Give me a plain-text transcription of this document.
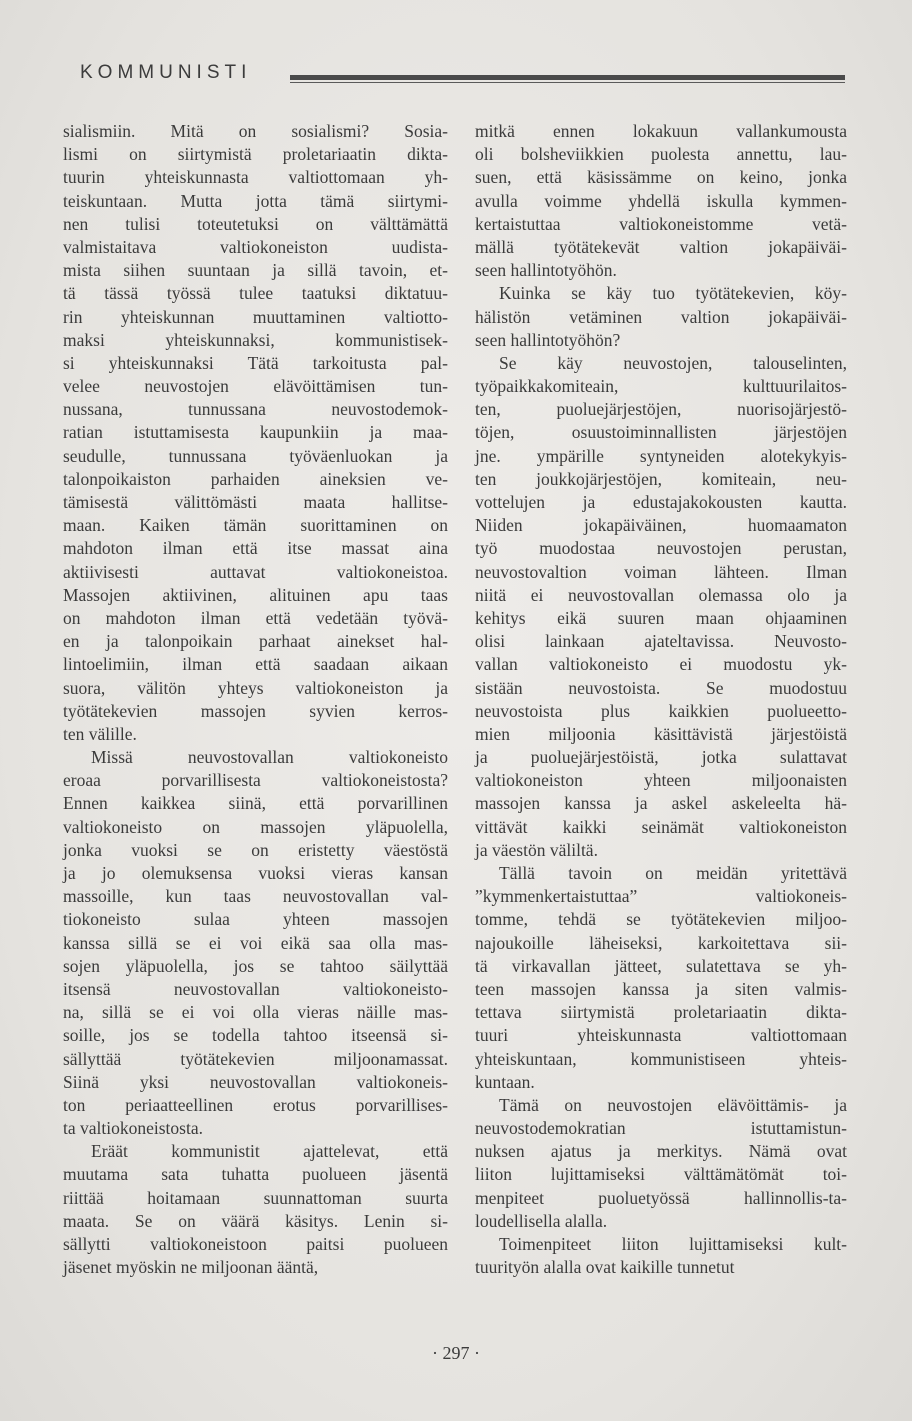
KOMMUNISTI
sialismiin. Mitä on sosialismi? Sosia-
lismi on siirtymistä proletariaatin dikta-
tuurin yhteiskunnasta valtiottomaan yh-
teiskuntaan. Mutta jotta tämä siirtymi-
nen tulisi toteutetuksi on välttämättä
valmistaitava valtiokoneiston uudista-
mista siihen suuntaan ja sillä tavoin, et-
tä tässä työssä tulee taatuksi diktatuu-
rin yhteiskunnan muuttaminen valtiotto-
maksi yhteiskunnaksi, kommunistisek-
si yhteiskunnaksi Tätä tarkoitusta pal-
velee neuvostojen elävöittämisen tun-
nussana, tunnussana neuvostodemok-
ratian istuttamisesta kaupunkiin ja maa-
seudulle, tunnussana työväenluokan ja
talonpoikaiston parhaiden aineksien ve-
tämisestä välittömästi maata hallitse-
maan. Kaiken tämän suorittaminen on
mahdoton ilman että itse massat aina
aktiivisesti auttavat valtiokoneistoa.
Massojen aktiivinen, alituinen apu taas
on mahdoton ilman että vedetään työvä-
en ja talonpoikain parhaat ainekset hal-
lintoelimiin, ilman että saadaan aikaan
suora, välitön yhteys valtiokoneiston ja
työtätekevien massojen syvien kerros-
ten välille.
Missä neuvostovallan valtiokoneisto
eroaa porvarillisesta valtiokoneistosta?
Ennen kaikkea siinä, että porvarillinen
valtiokoneisto on massojen yläpuolella,
jonka vuoksi se on eristetty väestöstä
ja jo olemuksensa vuoksi vieras kansan
massoille, kun taas neuvostovallan val-
tiokoneisto sulaa yhteen massojen
kanssa sillä se ei voi eikä saa olla mas-
sojen yläpuolella, jos se tahtoo säilyttää
itsensä neuvostovallan valtiokoneisto-
na, sillä se ei voi olla vieras näille mas-
soille, jos se todella tahtoo itseensä si-
sällyttää työtätekevien miljoonamassat.
Siinä yksi neuvostovallan valtiokoneis-
ton periaatteellinen erotus porvarillises-
ta valtiokoneistosta.
Eräät kommunistit ajattelevat, että
muutama sata tuhatta puolueen jäsentä
riittää hoitamaan suunnattoman suurta
maata. Se on väärä käsitys. Lenin si-
sällytti valtiokoneistoon paitsi puolueen
jäsenet myöskin ne miljoonan ääntä,
mitkä ennen lokakuun vallankumousta
oli bolsheviikkien puolesta annettu, lau-
suen, että käsissämme on keino, jonka
avulla voimme yhdellä iskulla kymmen-
kertaistuttaa valtiokoneistomme vetä-
mällä työtätekevät valtion jokapäiväi-
seen hallintotyöhön.
Kuinka se käy tuo työtätekevien, köy-
hälistön vetäminen valtion jokapäiväi-
seen hallintotyöhön?
Se käy neuvostojen, talouselinten,
työpaikkakomiteain, kulttuurilaitos-
ten, puoluejärjestöjen, nuorisojärjestö-
töjen, osuustoiminnallisten järjestöjen
jne. ympärille syntyneiden alotekykyis-
ten joukkojärjestöjen, komiteain, neu-
vottelujen ja edustajakokousten kautta.
Niiden jokapäiväinen, huomaamaton
työ muodostaa neuvostojen perustan,
neuvostovaltion voiman lähteen. Ilman
niitä ei neuvostovallan olemassa olo ja
kehitys eikä suuren maan ohjaaminen
olisi lainkaan ajateltavissa. Neuvosto-
vallan valtiokoneisto ei muodostu yk-
sistään neuvostoista. Se muodostuu
neuvostoista plus kaikkien puolueetto-
mien miljoonia käsittävistä järjestöistä
ja puoluejärjestöistä, jotka sulattavat
valtiokoneiston yhteen miljoonaisten
massojen kanssa ja askel askeleelta hä-
vittävät kaikki seinämät valtiokoneiston
ja väestön väliltä.
Tällä tavoin on meidän yritettävä
”kymmenkertaistuttaa” valtiokoneis-
tomme, tehdä se työtätekevien miljoo-
najoukoille läheiseksi, karkoitettava sii-
tä virkavallan jätteet, sulatettava se yh-
teen massojen kanssa ja siten valmis-
tettava siirtymistä proletariaatin dikta-
tuuri yhteiskunnasta valtiottomaan
yhteiskuntaan, kommunistiseen yhteis-
kuntaan.
Tämä on neuvostojen elävöittämis- ja
neuvostodemokratian istuttamistun-
nuksen ajatus ja merkitys. Nämä ovat
liiton lujittamiseksi välttämätömät toi-
menpiteet puoluetyössä hallinnollis-ta-
loudellisella alalla.
Toimenpiteet liiton lujittamiseksi kult-
tuurityön alalla ovat kaikille tunnetut
· 297 ·
